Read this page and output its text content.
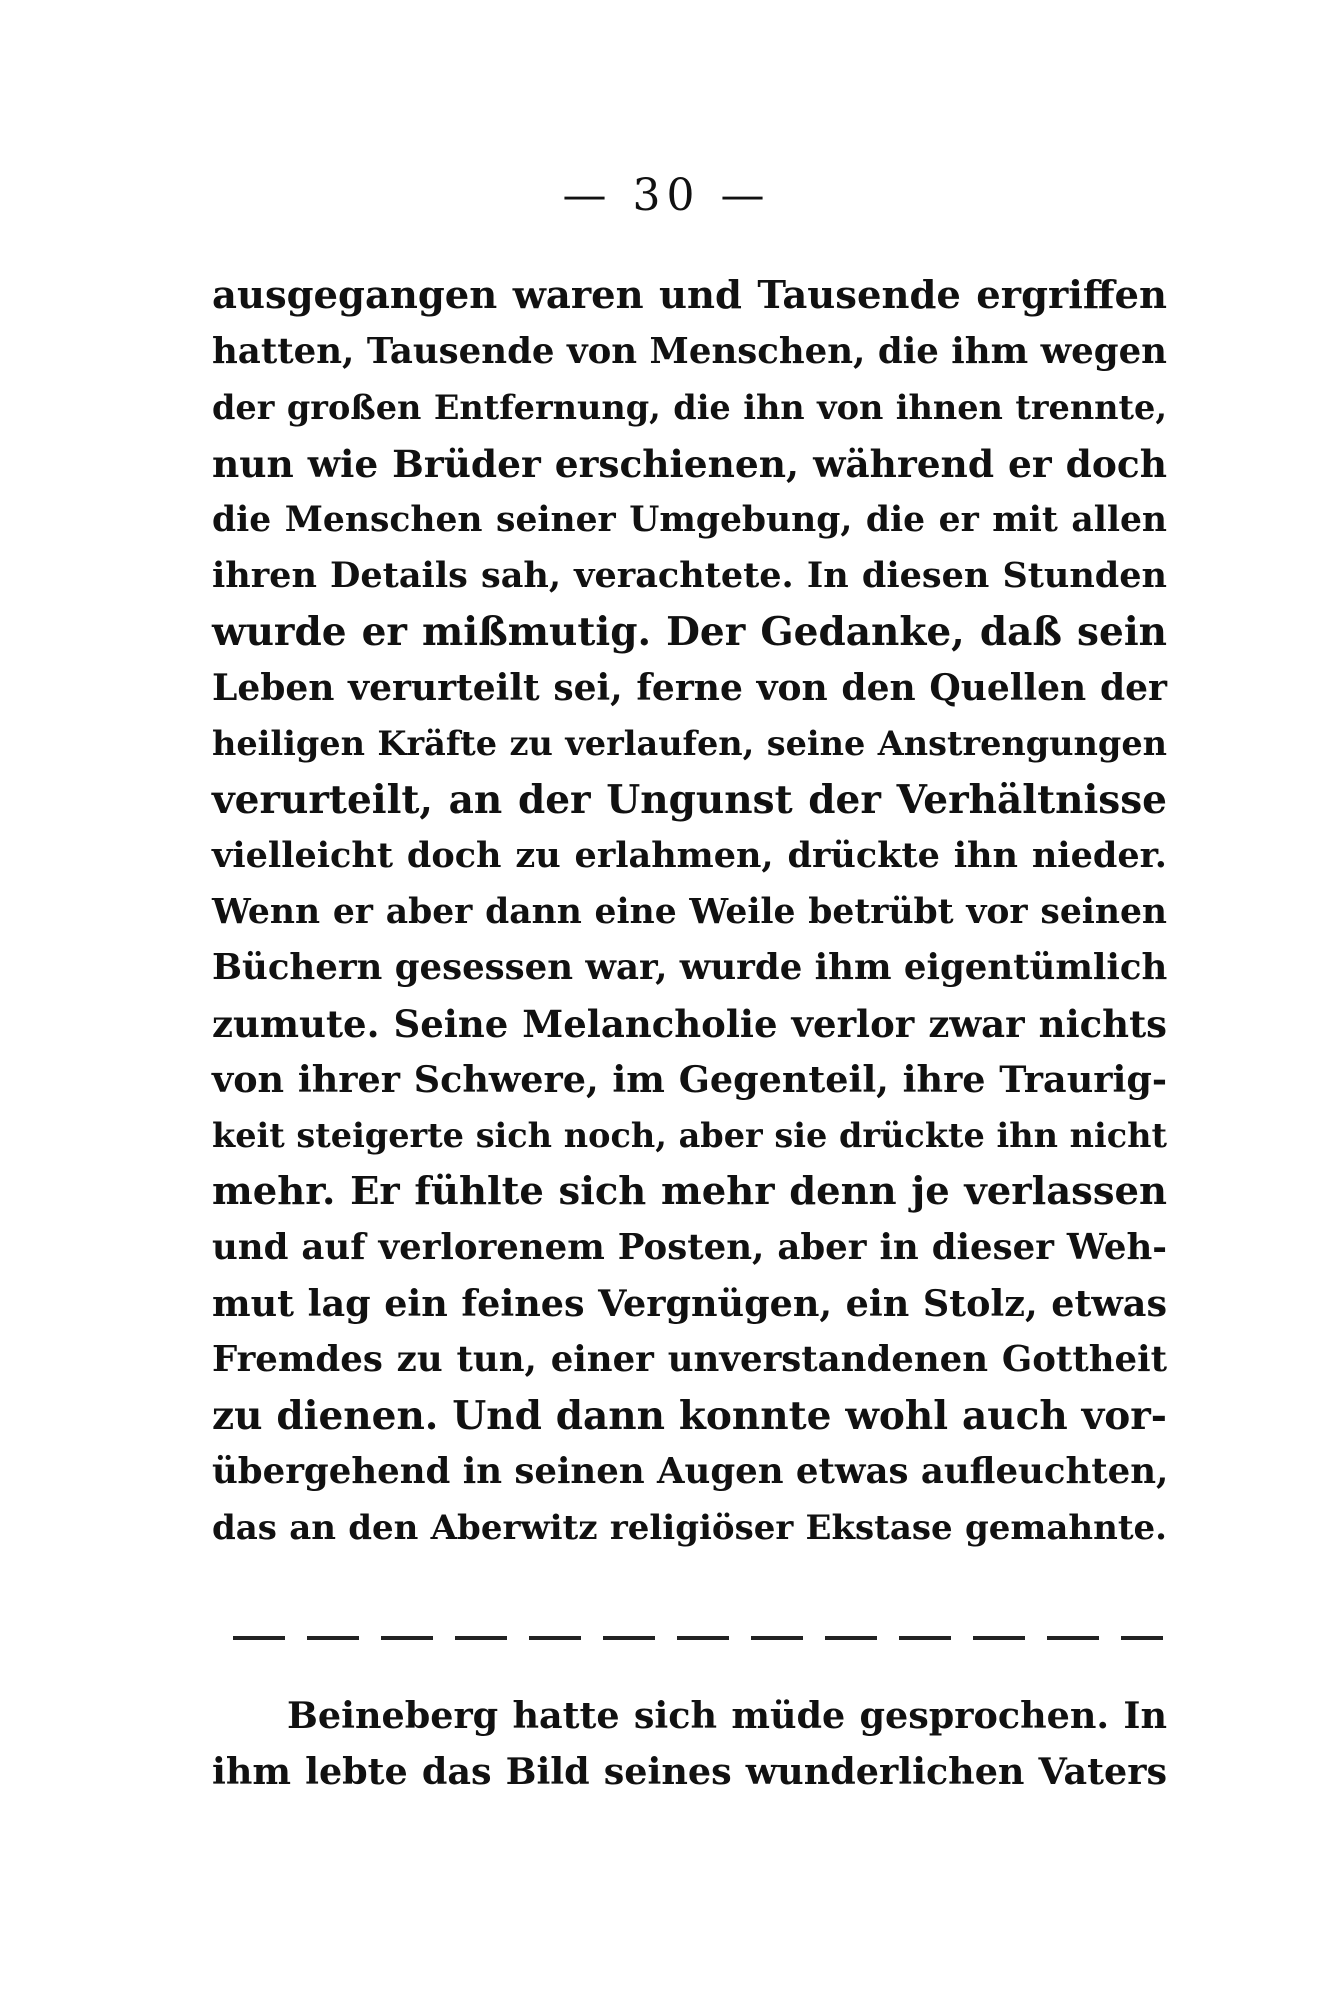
— 30 —
ausgegangen waren und Tausende ergriffen
hatten, Tausende von Menschen, die ihm wegen
der großen Entfernung, die ihn von ihnen trennte,
nun wie Brüder erschienen, während er doch
die Menschen seiner Umgebung, die er mit allen
ihren Details sah, verachtete. In diesen Stunden
wurde er mißmutig. Der Gedanke, daß sein
Leben verurteilt sei, ferne von den Quellen der
heiligen Kräfte zu verlaufen, seine Anstrengungen
verurteilt, an der Ungunst der Verhältnisse
vielleicht doch zu erlahmen, drückte ihn nieder.
Wenn er aber dann eine Weile betrübt vor seinen
Büchern gesessen war, wurde ihm eigentümlich
zumute. Seine Melancholie verlor zwar nichts
von ihrer Schwere, im Gegenteil, ihre Traurig-
keit steigerte sich noch, aber sie drückte ihn nicht
mehr. Er fühlte sich mehr denn je verlassen
und auf verlorenem Posten, aber in dieser Weh-
mut lag ein feines Vergnügen, ein Stolz, etwas
Fremdes zu tun, einer unverstandenen Gottheit
zu dienen. Und dann konnte wohl auch vor-
übergehend in seinen Augen etwas aufleuchten,
das an den Aberwitz religiöser Ekstase gemahnte.
Beineberg hatte sich müde gesprochen. In
ihm lebte das Bild seines wunderlichen Vaters
